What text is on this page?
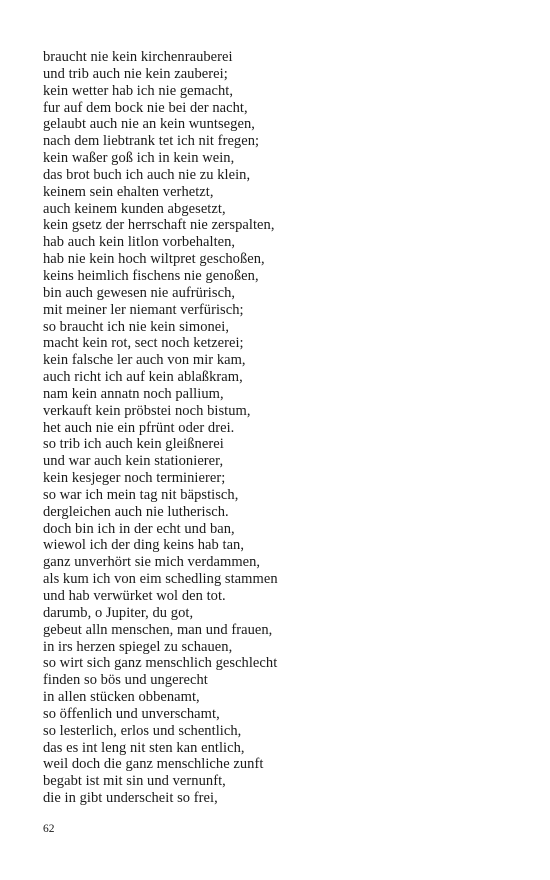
braucht nie kein kirchenrauberei
und trib auch nie kein zauberei;
kein wetter hab ich nie gemacht,
fur auf dem bock nie bei der nacht,
gelaubt auch nie an kein wuntsegen,
nach dem liebtrank tet ich nit fregen;
kein waßer goß ich in kein wein,
das brot buch ich auch nie zu klein,
keinem sein ehalten verhetzt,
auch keinem kunden abgesetzt,
kein gsetz der herrschaft nie zerspalten,
hab auch kein litlon vorbehalten,
hab nie kein hoch wiltpret geschoßen,
keins heimlich fischens nie genoßen,
bin auch gewesen nie aufrürisch,
mit meiner ler niemant verfürisch;
so braucht ich nie kein simonei,
macht kein rot, sect noch ketzerei;
kein falsche ler auch von mir kam,
auch richt ich auf kein ablaßkram,
nam kein annatn noch pallium,
verkauft kein pröbstei noch bistum,
het auch nie ein pfrünt oder drei.
so trib ich auch kein gleißnerei
und war auch kein stationierer,
kein kesjeger noch terminierer;
so war ich mein tag nit bäpstisch,
dergleichen auch nie lutherisch.
doch bin ich in der echt und ban,
wiewol ich der ding keins hab tan,
ganz unverhört sie mich verdammen,
als kum ich von eim schedling stammen
und hab verwürket wol den tot.
darumb, o Jupiter, du got,
gebeut alln menschen, man und frauen,
in irs herzen spiegel zu schauen,
so wirt sich ganz menschlich geschlecht
finden so bös und ungerecht
in allen stücken obbenamt,
so öffenlich und unverschamt,
so lesterlich, erlos und schentlich,
das es int leng nit sten kan entlich,
weil doch die ganz menschliche zunft
begabt ist mit sin und vernunft,
die in gibt underscheit so frei,
62
